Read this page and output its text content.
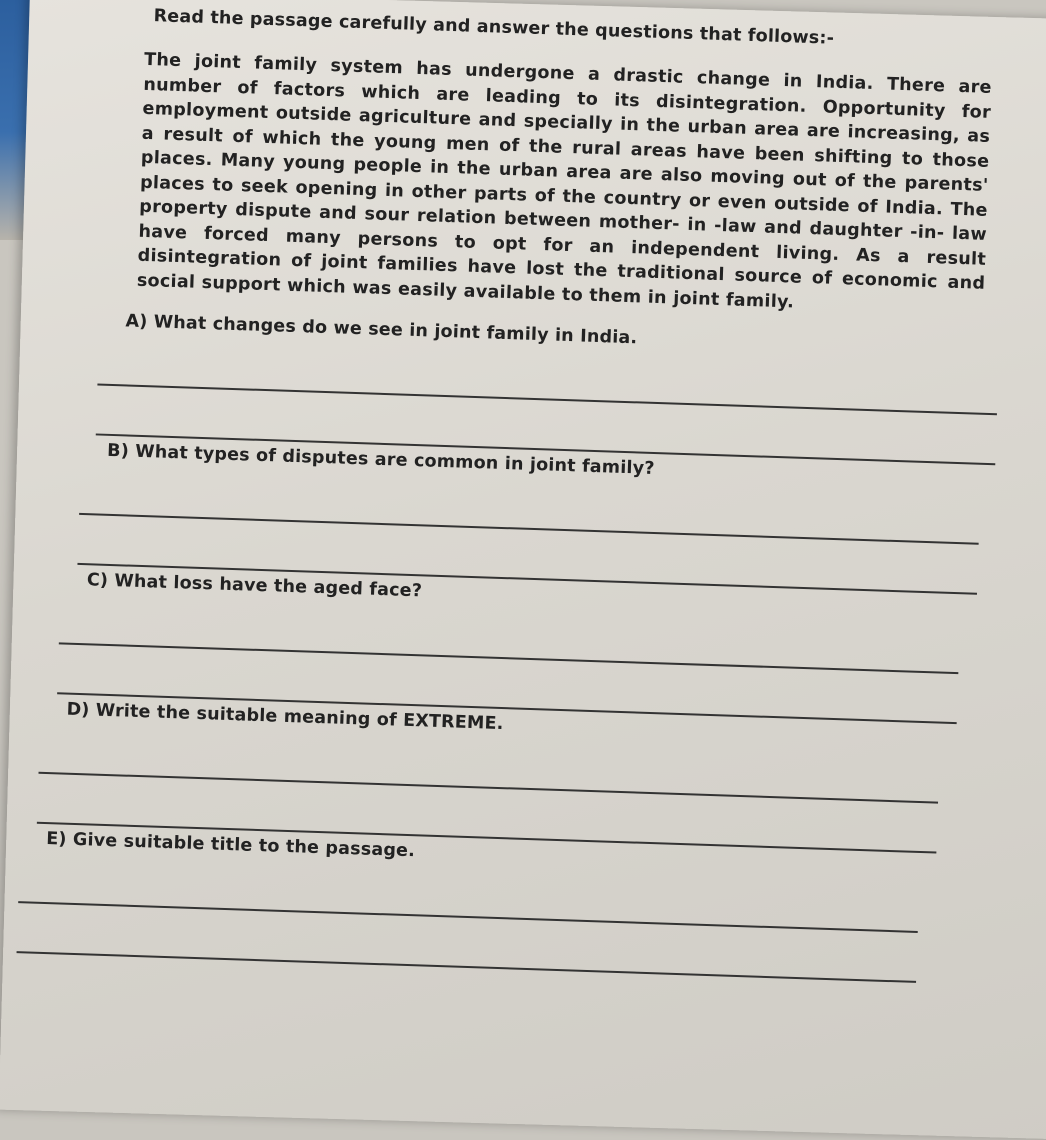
Read the passage carefully and answer the questions that follows:-

The joint family system has undergone a drastic change in India. There are number of factors which are leading to its disintegration. Opportunity for employment outside agriculture and specially in the urban area are increasing, as a result of which the young men of the rural areas have been shifting to those places. Many young people in the urban area are also moving out of the parents' places to seek opening in other parts of the country or even outside of India. The property dispute and sour relation between mother- in -law and daughter -in- law have forced many persons to opt for an independent living. As a result disintegration of joint families have lost the traditional source of economic and social support which was easily available to them in joint family.

A) What changes do we see in joint family in India.
B) What types of disputes are common in joint family?
C) What loss have the aged face?
D) Write the suitable meaning of EXTREME.
E) Give suitable title to the passage.
